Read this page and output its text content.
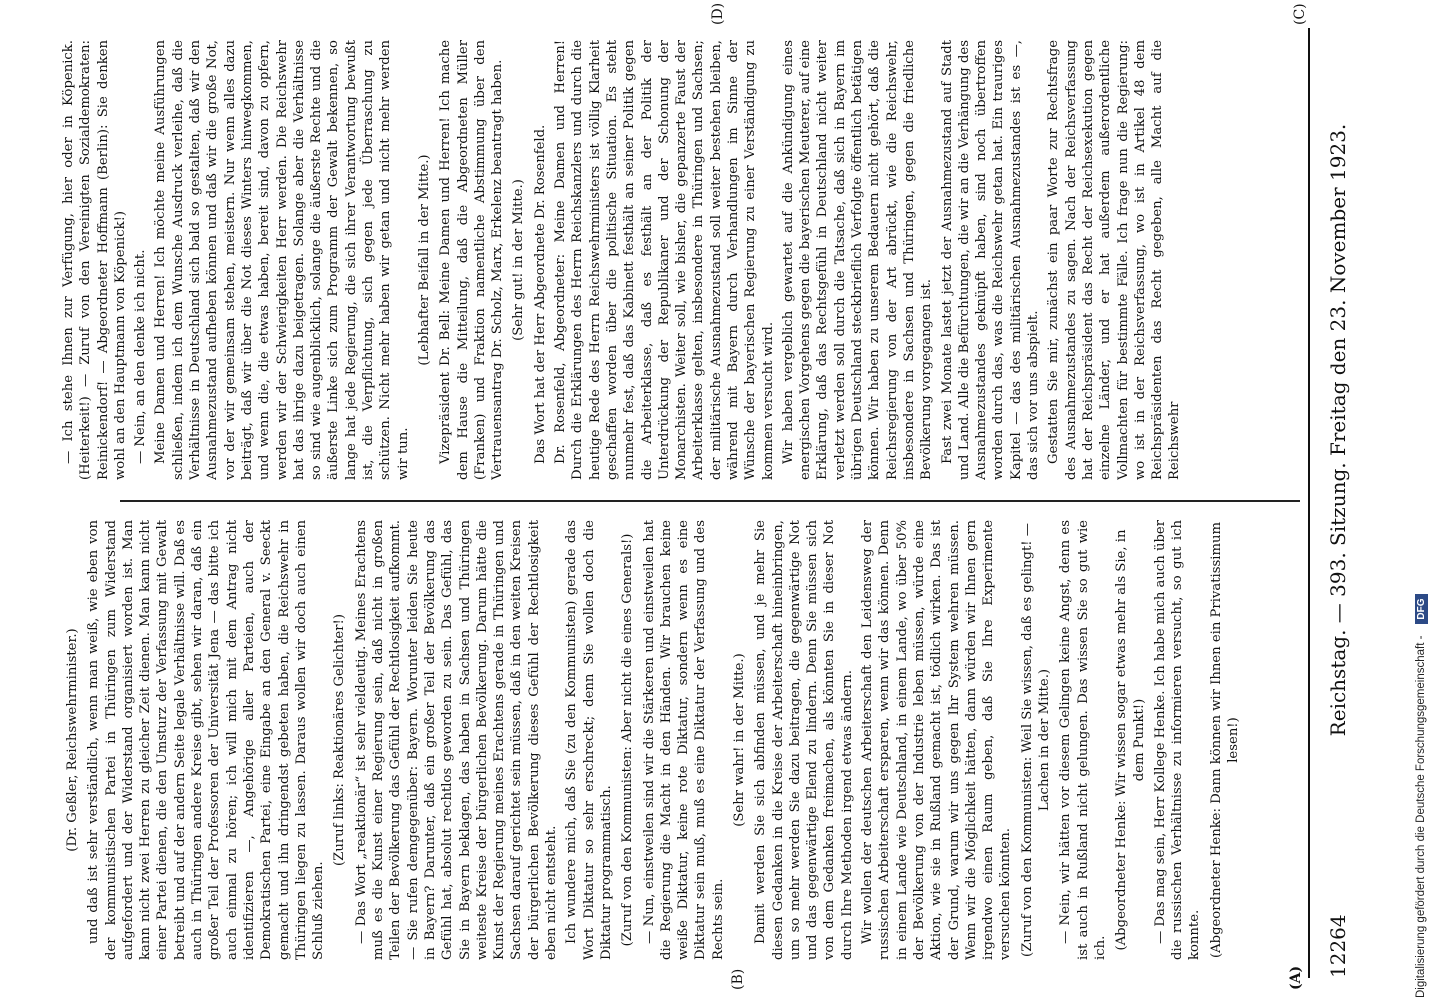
12264
Reichstag. — 393. Sitzung. Freitag den 23. November 1923.
(A)
(B)
(C)
(D)

(Dr. Geßler, Reichswehrminister.) und daß ist sehr verständlich, wenn man weiß, wie eben von der kommunistischen Partei in Thüringen zum Widerstand aufgefordert und der Widerstand organisiert worden ist. Man kann nicht zwei Herren zu gleicher Zeit dienen. Man kann nicht einer Partei dienen, die den Umsturz der Verfassung mit Gewalt betreibt und auf der andern Seite legale Verhältnisse will. Daß es auch in Thüringen andere Kreise gibt, sehen wir daran, daß ein großer Teil der Professoren der Universität Jena — das bitte ich auch einmal zu hören; ich will mich mit dem Antrag nicht identifizieren —, Angehörige aller Parteien, auch der Demokratischen Partei, eine Eingabe an den General v. Seeckt gemacht und ihn dringendst gebeten haben, die Reichswehr in Thüringen liegen zu lassen. Daraus wollen wir doch auch einen Schluß ziehen.

(Zuruf links: Reaktionäres Gelichter!) — Das Wort „reaktionär“ ist sehr vieldeutig. Meines Erachtens muß es die Kunst einer Regierung sein, daß nicht in großen Teilen der Bevölkerung das Gefühl der Rechtlosigkeit aufkommt. — Sie rufen demgegenüber: Bayern. Worunter leiden Sie heute in Bayern? Darunter, daß ein großer Teil der Bevölkerung das Gefühl hat, absolut rechtlos geworden zu sein. Das Gefühl, das Sie in Bayern beklagen, das haben in Sachsen und Thüringen weiteste Kreise der bürgerlichen Bevölkerung. Darum hätte die Kunst der Regierung meines Erachtens gerade in Thüringen und Sachsen darauf gerichtet sein müssen, daß in den weiten Kreisen der bürgerlichen Bevölkerung dieses Gefühl der Rechtlosigkeit eben nicht entsteht. Ich wundere mich, daß Sie (zu den Kommunisten) gerade das Wort Diktatur so sehr erschreckt; denn Sie wollen doch die Diktatur programmatisch. (Zuruf von den Kommunisten: Aber nicht die eines Generals!) — Nun, einstweilen sind wir die Stärkeren und einstweilen hat die Regierung die Macht in den Händen. Wir brauchen keine weiße Diktatur, keine rote Diktatur, sondern wenn es eine Diktatur sein muß, muß es eine Diktatur der Verfassung und des Rechts sein.

(Sehr wahr! in der Mitte.) Damit werden Sie sich abfinden müssen, und je mehr Sie diesen Gedanken in die Kreise der Arbeiterschaft hineinbringen, um so mehr werden Sie dazu beitragen, die gegenwärtige Not und das gegenwärtige Elend zu lindern. Denn Sie müssen sich von dem Gedanken freimachen, als könnten Sie in dieser Not durch Ihre Methoden irgend etwas ändern. Wir wollen der deutschen Arbeiterschaft den Leidensweg der russischen Arbeiterschaft ersparen, wenn wir das können. Denn in einem Lande wie Deutschland, in einem Lande, wo über 50% der Bevölkerung von der Industrie leben müssen, würde eine Aktion, wie sie in Rußland gemacht ist, tödlich wirken. Das ist der Grund, warum wir uns gegen Ihr System wehren müssen. Wenn wir die Möglichkeit hätten, dann würden wir Ihnen gern irgendwo einen Raum geben, daß Sie Ihre Experimente versuchen könnten. (Zuruf von den Kommunisten: Weil Sie wissen, daß es gelingt! — Lachen in der Mitte.) — Nein, wir hätten vor diesem Gelingen keine Angst, denn es ist auch in Rußland nicht gelungen. Das wissen Sie so gut wie ich. (Abgeordneter Henke: Wir wissen sogar etwas mehr als Sie, in dem Punkt!) — Das mag sein, Herr Kollege Henke. Ich habe mich auch über die russischen Verhältnisse zu informieren versucht, so gut ich konnte. (Abgeordneter Henke: Dann können wir Ihnen ein Privatissimum lesen!)

— Ich stehe Ihnen zur Verfügung, hier oder in Köpenick. (Heiterkeit!) — Zuruf von den Vereinigten Sozialdemokraten: Reinickendorf! — Abgeordneter Hoffmann (Berlin): Sie denken wohl an den Hauptmann von Köpenick!) — Nein, an den denke ich nicht. Meine Damen und Herren! Ich möchte meine Ausführungen schließen, indem ich dem Wunsche Ausdruck verleihe, daß die Verhältnisse in Deutschland sich bald so gestalten, daß wir den Ausnahmezustand aufheben können und daß wir die große Not, vor der wir gemeinsam stehen, meistern. Nur wenn alles dazu beiträgt, daß wir über die Not dieses Winters hinwegkommen, und wenn die, die etwas haben, bereit sind, davon zu opfern, werden wir der Schwierigkeiten Herr werden. Die Reichswehr hat das ihrige dazu beigetragen. Solange aber die Verhältnisse so sind wie augenblicklich, solange die äußerste Rechte und die äußerste Linke sich zum Programm der Gewalt bekennen, so lange hat jede Regierung, die sich ihrer Verantwortung bewußt ist, die Verpflichtung, sich gegen jede Überraschung zu schützen. Nicht mehr haben wir getan und nicht mehr werden wir tun.

(Lebhafter Beifall in der Mitte.) Vizepräsident Dr. Bell: Meine Damen und Herren! Ich mache dem Hause die Mitteilung, daß die Abgeordneten Müller (Franken) und Fraktion namentliche Abstimmung über den Vertrauensantrag Dr. Scholz, Marx, Erkelenz beantragt haben. (Sehr gut! in der Mitte.) Das Wort hat der Herr Abgeordnete Dr. Rosenfeld. Dr. Rosenfeld, Abgeordneter: Meine Damen und Herren! Durch die Erklärungen des Herrn Reichskanzlers und durch die heutige Rede des Herrn Reichswehrministers ist völlig Klarheit geschaffen worden über die politische Situation. Es steht nunmehr fest, daß das Kabinett festhält an seiner Politik gegen die Arbeiterklasse, daß es festhält an der Politik der Unterdrückung der Republikaner und der Schonung der Monarchisten. Weiter soll, wie bisher, die gepanzerte Faust der Arbeiterklasse gelten, insbesondere in Thüringen und Sachsen; der militärische Ausnahmezustand soll weiter bestehen bleiben, während mit Bayern durch Verhandlungen im Sinne der Wünsche der bayerischen Regierung zu einer Verständigung zu kommen versucht wird. Wir haben vergeblich gewartet auf die Ankündigung eines energischen Vorgehens gegen die bayerischen Meuterer, auf eine Erklärung, daß das Rechtsgefühl in Deutschland nicht weiter verletzt werden soll durch die Tatsache, daß sich in Bayern im übrigen Deutschland steckbrieflich Verfolgte öffentlich betätigen können. Wir haben zu unserem Bedauern nicht gehört, daß die Reichsregierung von der Art abrückt, wie die Reichswehr, insbesondere in Sachsen und Thüringen, gegen die friedliche Bevölkerung vorgegangen ist. Fast zwei Monate lastet jetzt der Ausnahmezustand auf Stadt und Land. Alle die Befürchtungen, die wir an die Verhängung des Ausnahmezustandes geknüpft haben, sind noch übertroffen worden durch das, was die Reichswehr getan hat. Ein trauriges Kapitel — das des militärischen Ausnahmezustandes ist es —, das sich vor uns abspielt. Gestatten Sie mir, zunächst ein paar Worte zur Rechtsfrage des Ausnahmezustandes zu sagen. Nach der Reichsverfassung hat der Reichspräsident das Recht der Reichsexekution gegen einzelne Länder, und er hat außerdem außerordentliche Vollmachten für bestimmte Fälle. Ich frage nun die Regierung: wo ist in der Reichsverfassung, wo ist in Artikel 48 dem Reichspräsidenten das Recht gegeben, alle Macht auf die Reichswehr

Digitalisierung gefördert durch die Deutsche Forschungsgemeinschaft -
DFG
